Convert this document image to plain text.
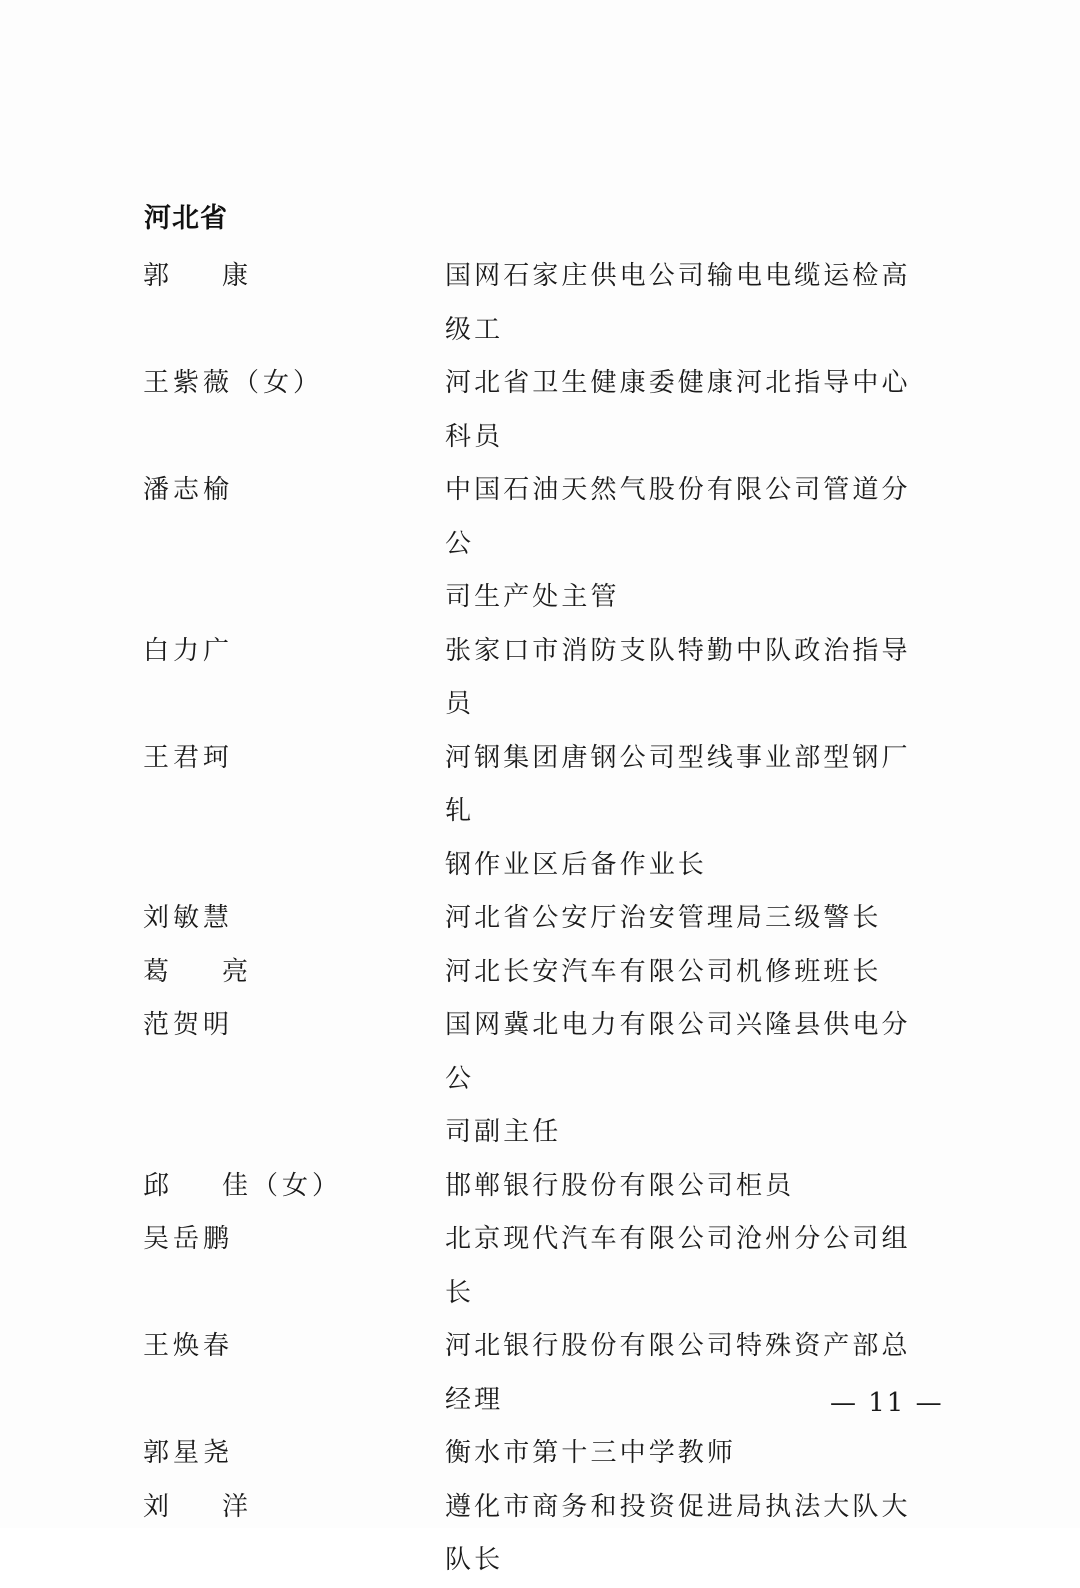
河北省
郭    康	国网石家庄供电公司输电电缆运检高
级工
王紫薇（女）	河北省卫生健康委健康河北指导中心
科员
潘志榆	中国石油天然气股份有限公司管道分公
司生产处主管
白力广	张家口市消防支队特勤中队政治指导员
王君珂	河钢集团唐钢公司型线事业部型钢厂轧
钢作业区后备作业长
刘敏慧	河北省公安厅治安管理局三级警长
葛    亮	河北长安汽车有限公司机修班班长
范贺明	国网冀北电力有限公司兴隆县供电分公
司副主任
邱    佳（女）	邯郸银行股份有限公司柜员
吴岳鹏	北京现代汽车有限公司沧州分公司组长
王焕春	河北银行股份有限公司特殊资产部总
经理
郭星尧	衡水市第十三中学教师
刘    洋	遵化市商务和投资促进局执法大队大
队长
— 11 —
